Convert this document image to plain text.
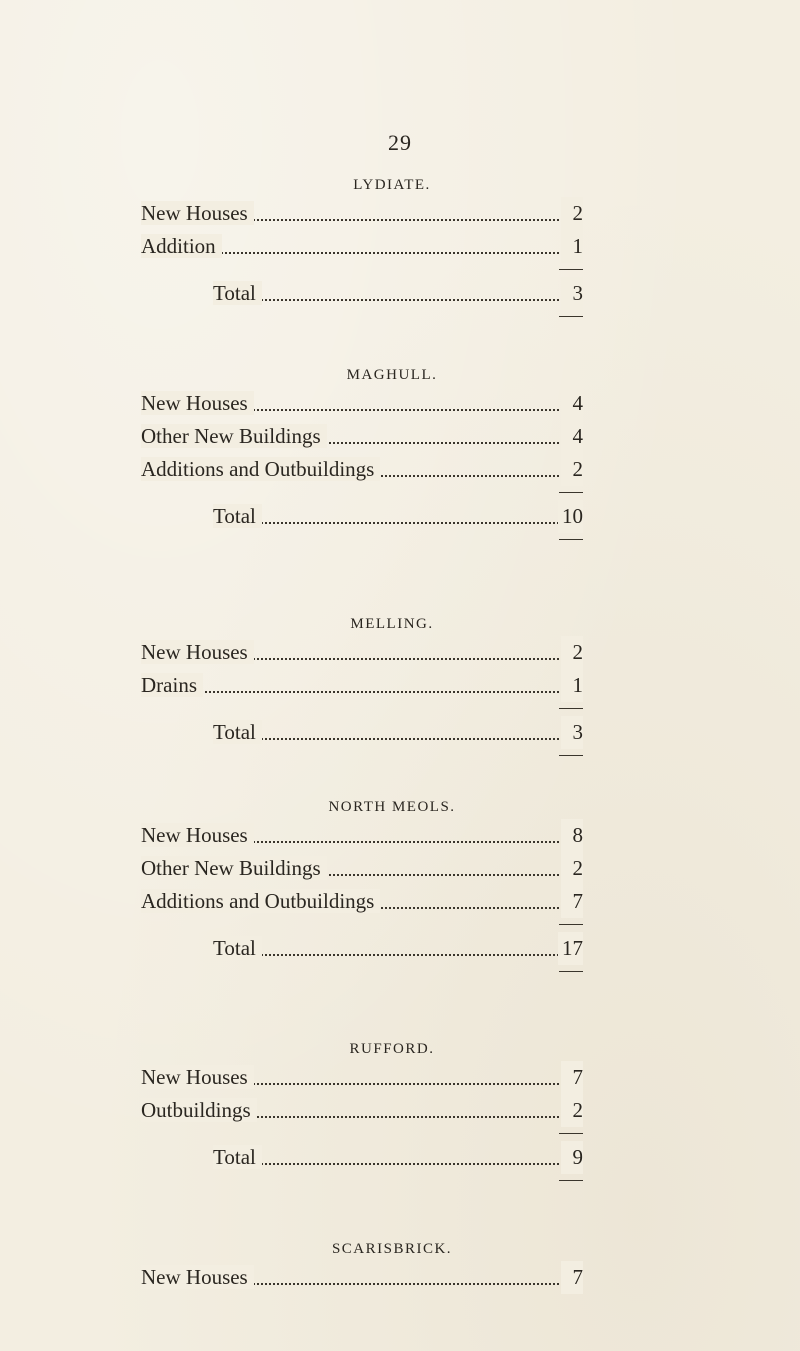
29
LYDIATE.
New Houses	2
Addition	1
Total	3
MAGHULL.
New Houses	4
Other New Buildings	4
Additions and Outbuildings	2
Total	10
MELLING.
New Houses	2
Drains	1
Total	3
NORTH MEOLS.
New Houses	8
Other New Buildings	2
Additions and Outbuildings	7
Total	17
RUFFORD.
New Houses	7
Outbuildings	2
Total	9
SCARISBRICK.
New Houses	7
